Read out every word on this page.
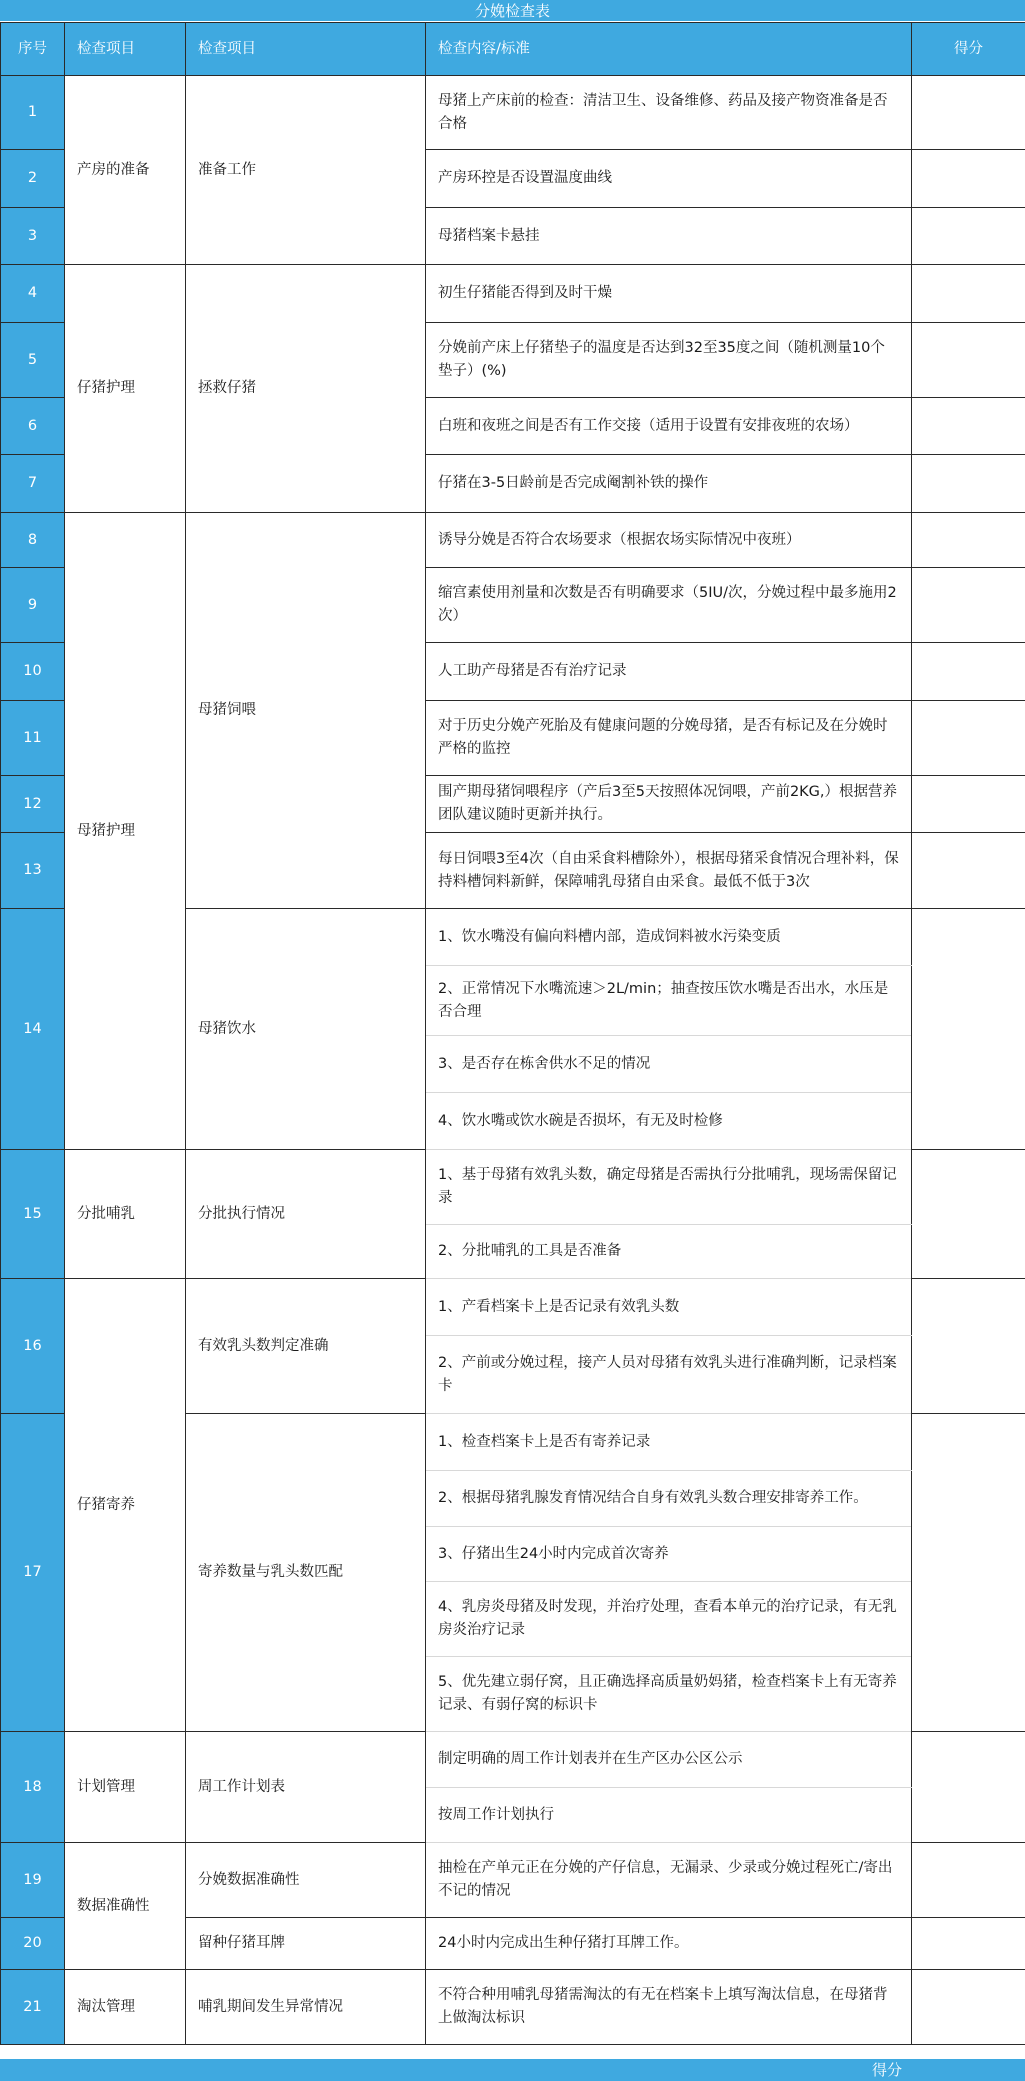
分娩检查表
序号	检查项目	检查项目	检查内容/标准	得分
1	产房的准备	准备工作	母猪上产床前的检查：清洁卫生、设备维修、药品及接产物资准备是否合格	
2			产房环控是否设置温度曲线	
3			母猪档案卡悬挂	
4	仔猪护理	拯救仔猪	初生仔猪能否得到及时干燥	
5			分娩前产床上仔猪垫子的温度是否达到32至35度之间（随机测量10个垫子）(%)	
6			白班和夜班之间是否有工作交接（适用于设置有安排夜班的农场）	
7			仔猪在3-5日龄前是否完成阉割补铁的操作	
8	母猪护理	母猪饲喂	诱导分娩是否符合农场要求（根据农场实际情况中夜班）	
9			缩宫素使用剂量和次数是否有明确要求（5IU/次，分娩过程中最多施用2次）	
10			人工助产母猪是否有治疗记录	
11			对于历史分娩产死胎及有健康问题的分娩母猪，是否有标记及在分娩时严格的监控	
12			围产期母猪饲喂程序（产后3至5天按照体况饲喂，产前2KG,）根据营养团队建议随时更新并执行。	
13			每日饲喂3至4次（自由采食料槽除外），根据母猪采食情况合理补料，保持料槽饲料新鲜，保障哺乳母猪自由采食。最低不低于3次	
14		母猪饮水	1、饮水嘴没有偏向料槽内部，造成饲料被水污染变质	
			2、正常情况下水嘴流速＞2L/min；抽查按压饮水嘴是否出水，水压是否合理	
			3、是否存在栋舍供水不足的情况	
			4、饮水嘴或饮水碗是否损坏，有无及时检修	
15	分批哺乳	分批执行情况	1、基于母猪有效乳头数，确定母猪是否需执行分批哺乳，现场需保留记录	
			2、分批哺乳的工具是否准备	
16	仔猪寄养	有效乳头数判定准确	1、产看档案卡上是否记录有效乳头数	
			2、产前或分娩过程，接产人员对母猪有效乳头进行准确判断，记录档案卡	
17		寄养数量与乳头数匹配	1、检查档案卡上是否有寄养记录	
			2、根据母猪乳腺发育情况结合自身有效乳头数合理安排寄养工作。	
			3、仔猪出生24小时内完成首次寄养	
			4、乳房炎母猪及时发现，并治疗处理，查看本单元的治疗记录，有无乳房炎治疗记录	
			5、优先建立弱仔窝，且正确选择高质量奶妈猪，检查档案卡上有无寄养记录、有弱仔窝的标识卡	
18	计划管理	周工作计划表	制定明确的周工作计划表并在生产区办公区公示	
			按周工作计划执行	
19	数据准确性	分娩数据准确性	抽检在产单元正在分娩的产仔信息，无漏录、少录或分娩过程死亡/寄出不记的情况	
20		留种仔猪耳牌	24小时内完成出生种仔猪打耳牌工作。	
21	淘汰管理	哺乳期间发生异常情况	不符合种用哺乳母猪需淘汰的有无在档案卡上填写淘汰信息，在母猪背上做淘汰标识	
得分
